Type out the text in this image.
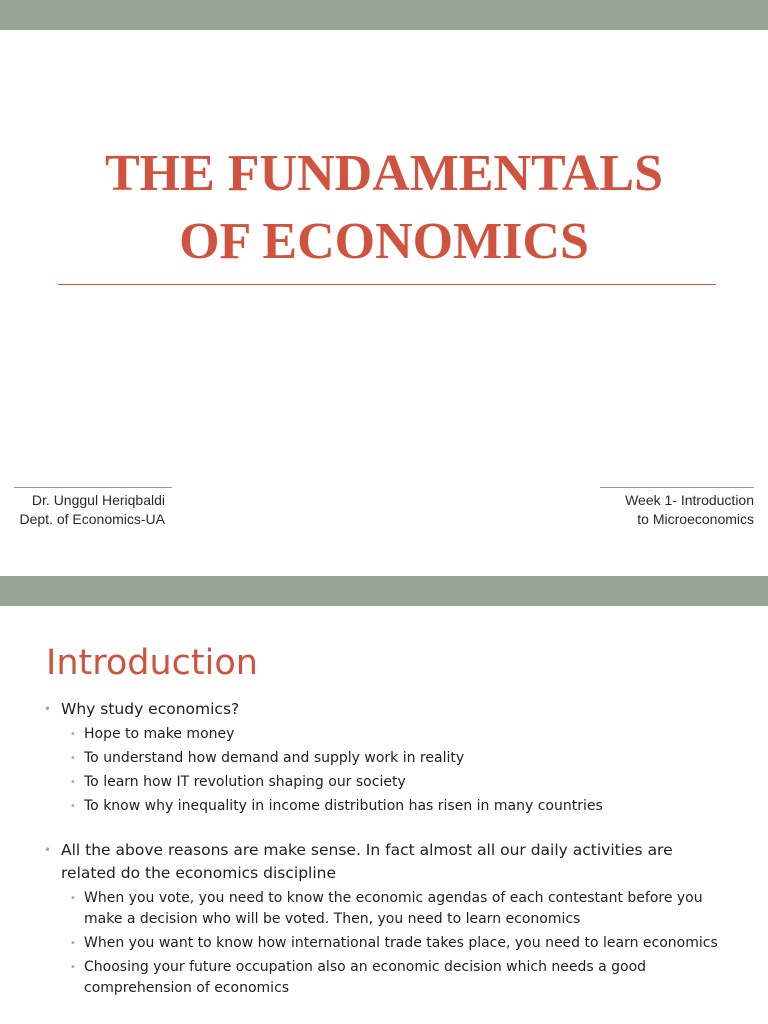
THE FUNDAMENTALS
OF ECONOMICS
Dr. Unggul Heriqbaldi
Dept. of Economics-UA
Week 1- Introduction
to Microeconomics
Introduction
• Why study economics?
• Hope to make money
• To understand how demand and supply work in reality
• To learn how IT revolution shaping our society
• To know why inequality in income distribution has risen in many countries
• All the above reasons are make sense. In fact almost all our daily activities are related do the economics discipline
• When you vote, you need to know the economic agendas of each contestant before you make a decision who will be voted. Then, you need to learn economics
• When you want to know how international trade takes place, you need to learn economics
• Choosing your future occupation also an economic decision which needs a good comprehension of economics
